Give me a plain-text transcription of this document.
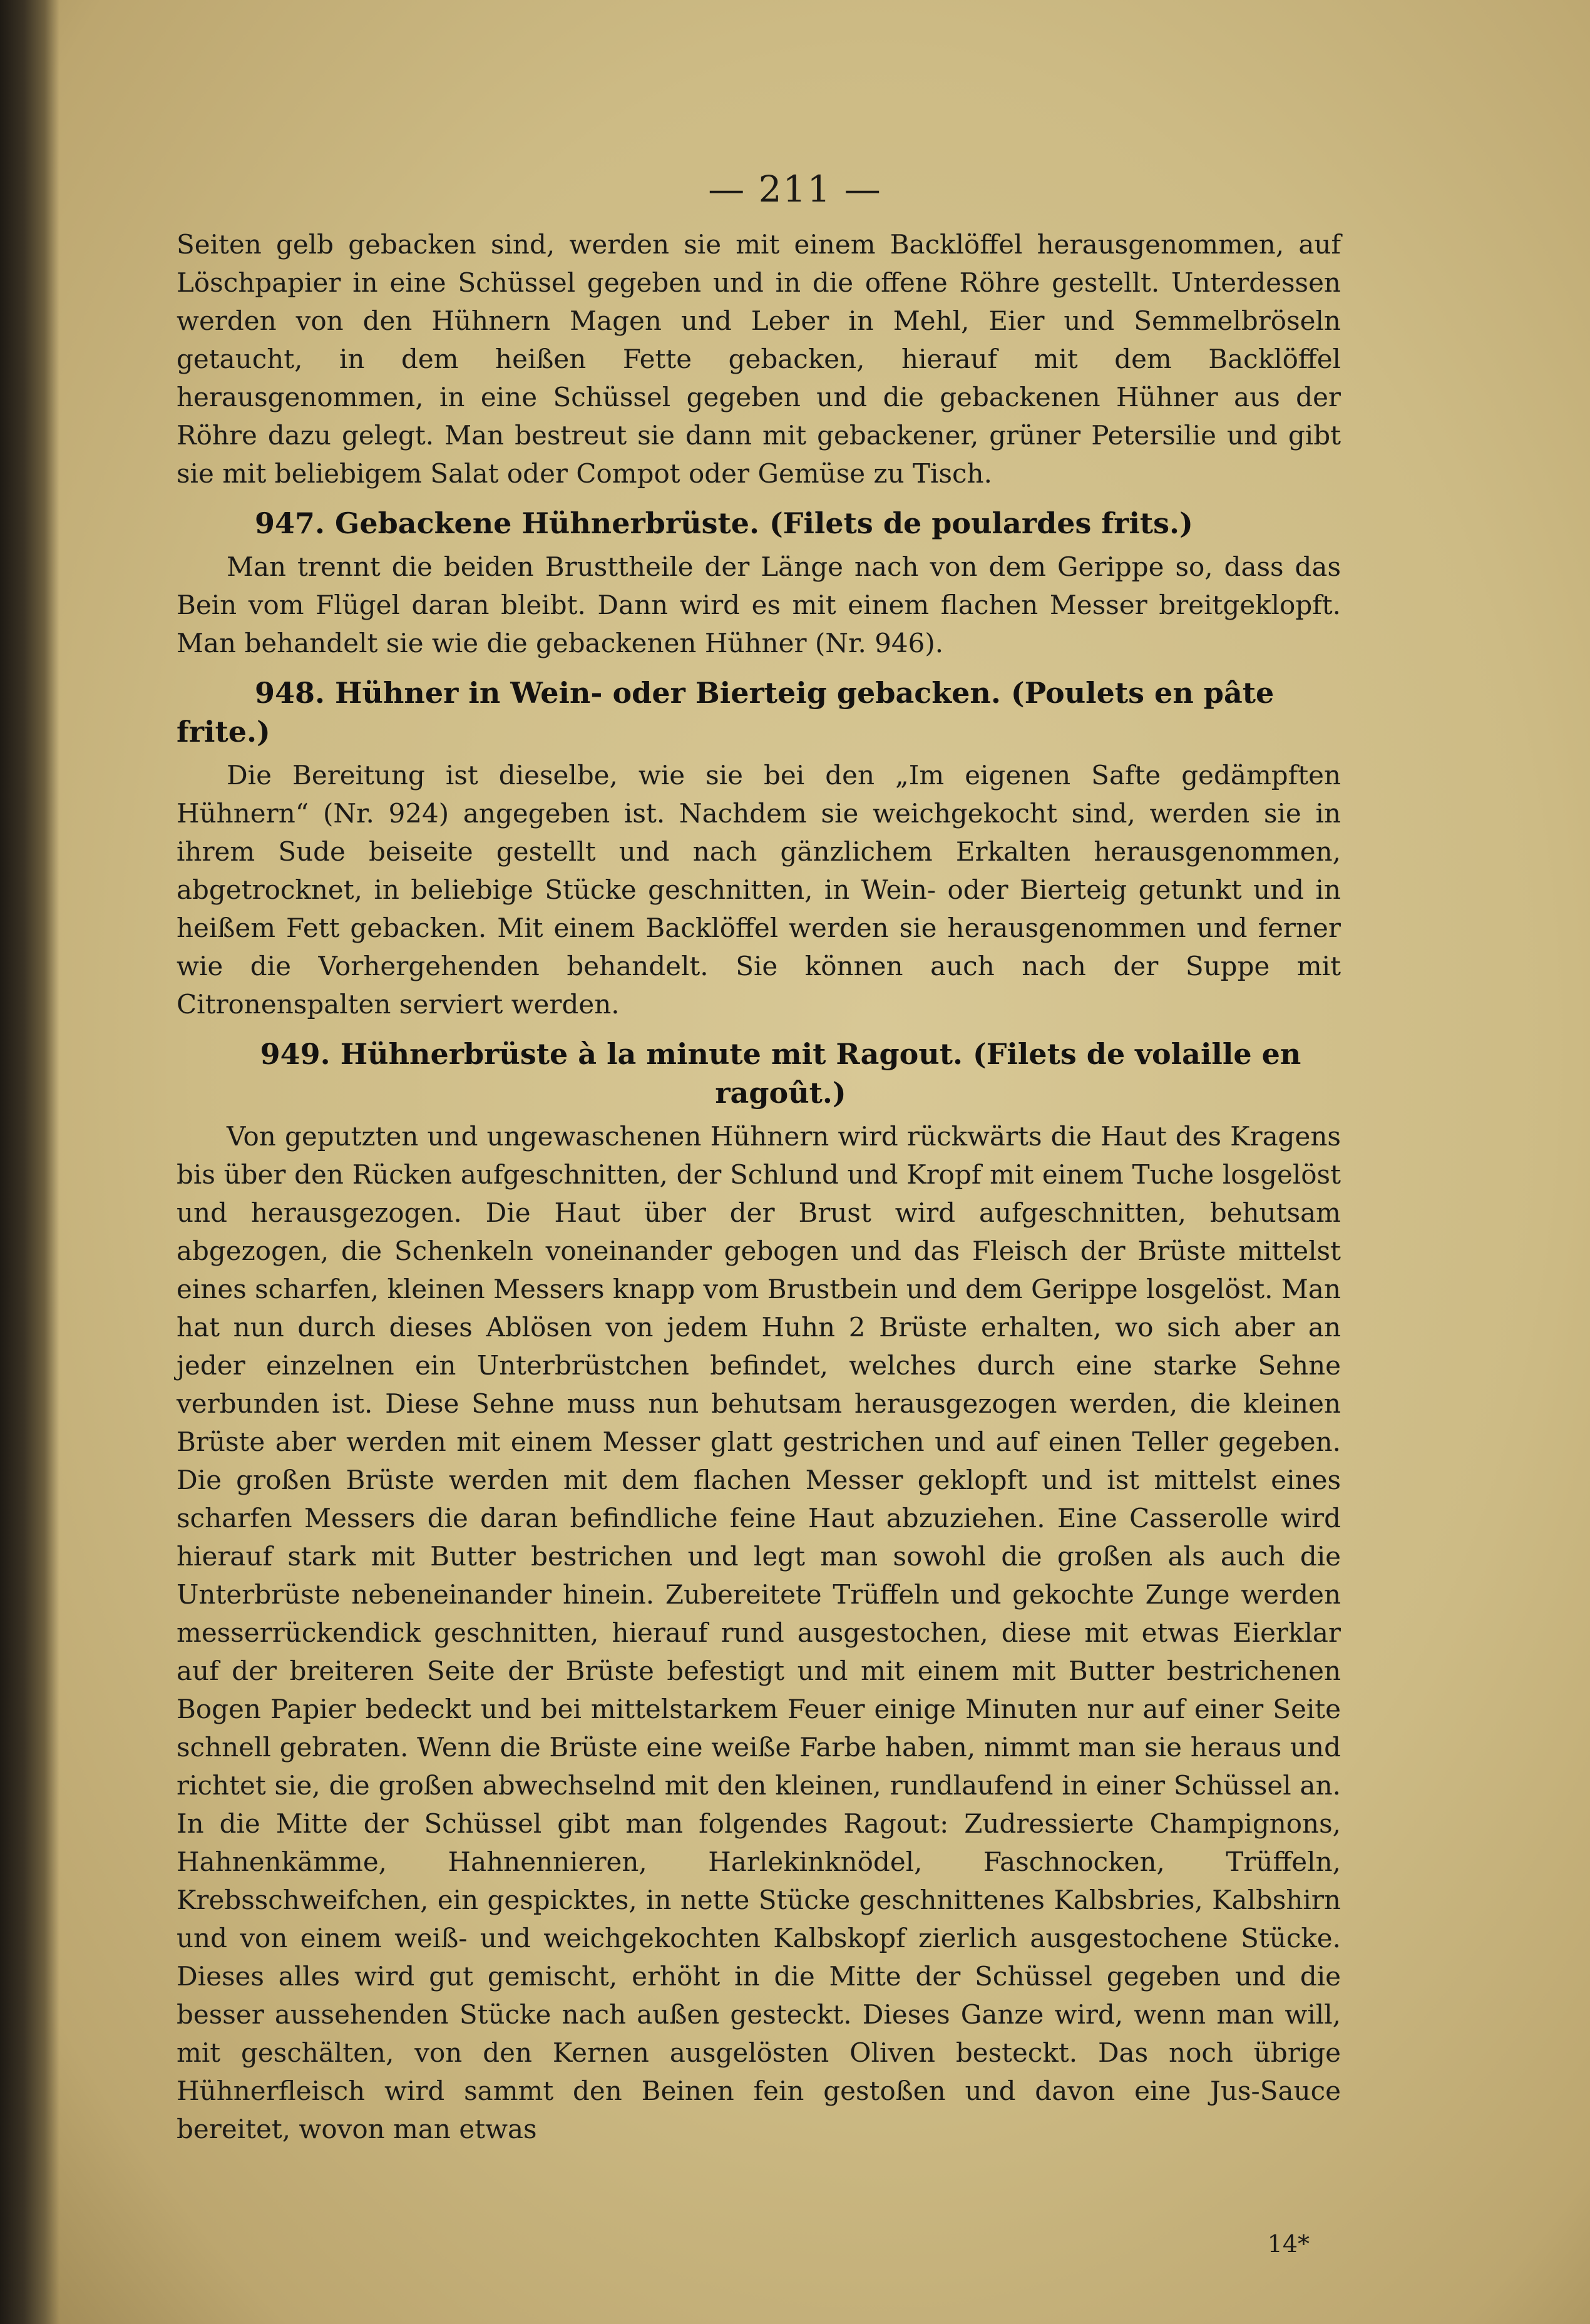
— 211 —

Seiten gelb gebacken sind, werden sie mit einem Backlöffel herausgenommen, auf Löschpapier in eine Schüssel gegeben und in die offene Röhre gestellt. Unterdessen werden von den Hühnern Magen und Leber in Mehl, Eier und Semmelbröseln getaucht, in dem heißen Fette gebacken, hierauf mit dem Backlöffel herausgenommen, in eine Schüssel gegeben und die gebackenen Hühner aus der Röhre dazu gelegt. Man bestreut sie dann mit gebackener, grüner Petersilie und gibt sie mit beliebigem Salat oder Compot oder Gemüse zu Tisch.

947. Gebackene Hühnerbrüste. (Filets de poulardes frits.)

Man trennt die beiden Brusttheile der Länge nach von dem Gerippe so, dass das Bein vom Flügel daran bleibt. Dann wird es mit einem flachen Messer breitgeklopft. Man behandelt sie wie die gebackenen Hühner (Nr. 946).

948. Hühner in Wein- oder Bierteig gebacken. (Poulets en pâte frite.)

Die Bereitung ist dieselbe, wie sie bei den „Im eigenen Safte gedämpften Hühnern“ (Nr. 924) angegeben ist. Nachdem sie weichgekocht sind, werden sie in ihrem Sude beiseite gestellt und nach gänzlichem Erkalten herausgenommen, abgetrocknet, in beliebige Stücke geschnitten, in Wein- oder Bierteig getunkt und in heißem Fett gebacken. Mit einem Backlöffel werden sie herausgenommen und ferner wie die Vorhergehenden behandelt. Sie können auch nach der Suppe mit Citronenspalten serviert werden.

949. Hühnerbrüste à la minute mit Ragout. (Filets de volaille en ragoût.)

Von geputzten und ungewaschenen Hühnern wird rückwärts die Haut des Kragens bis über den Rücken aufgeschnitten, der Schlund und Kropf mit einem Tuche losgelöst und herausgezogen. Die Haut über der Brust wird aufgeschnitten, behutsam abgezogen, die Schenkeln voneinander gebogen und das Fleisch der Brüste mittelst eines scharfen, kleinen Messers knapp vom Brustbein und dem Gerippe losgelöst. Man hat nun durch dieses Ablösen von jedem Huhn 2 Brüste erhalten, wo sich aber an jeder einzelnen ein Unterbrüstchen befindet, welches durch eine starke Sehne verbunden ist. Diese Sehne muss nun behutsam herausgezogen werden, die kleinen Brüste aber werden mit einem Messer glatt gestrichen und auf einen Teller gegeben. Die großen Brüste werden mit dem flachen Messer geklopft und ist mittelst eines scharfen Messers die daran befindliche feine Haut abzuziehen. Eine Casserolle wird hierauf stark mit Butter bestrichen und legt man sowohl die großen als auch die Unterbrüste nebeneinander hinein. Zubereitete Trüffeln und gekochte Zunge werden messerrückendick geschnitten, hierauf rund ausgestochen, diese mit etwas Eierklar auf der breiteren Seite der Brüste befestigt und mit einem mit Butter bestrichenen Bogen Papier bedeckt und bei mittelstarkem Feuer einige Minuten nur auf einer Seite schnell gebraten. Wenn die Brüste eine weiße Farbe haben, nimmt man sie heraus und richtet sie, die großen abwechselnd mit den kleinen, rundlaufend in einer Schüssel an. In die Mitte der Schüssel gibt man folgendes Ragout: Zudressierte Champignons, Hahnenkämme, Hahnennieren, Harlekinknödel, Faschnocken, Trüffeln, Krebsschweifchen, ein gespicktes, in nette Stücke geschnittenes Kalbsbries, Kalbshirn und von einem weiß- und weichgekochten Kalbskopf zierlich ausgestochene Stücke. Dieses alles wird gut gemischt, erhöht in die Mitte der Schüssel gegeben und die besser aussehenden Stücke nach außen gesteckt. Dieses Ganze wird, wenn man will, mit geschälten, von den Kernen ausgelösten Oliven besteckt. Das noch übrige Hühnerfleisch wird sammt den Beinen fein gestoßen und davon eine Jus-Sauce bereitet, wovon man etwas

14*
